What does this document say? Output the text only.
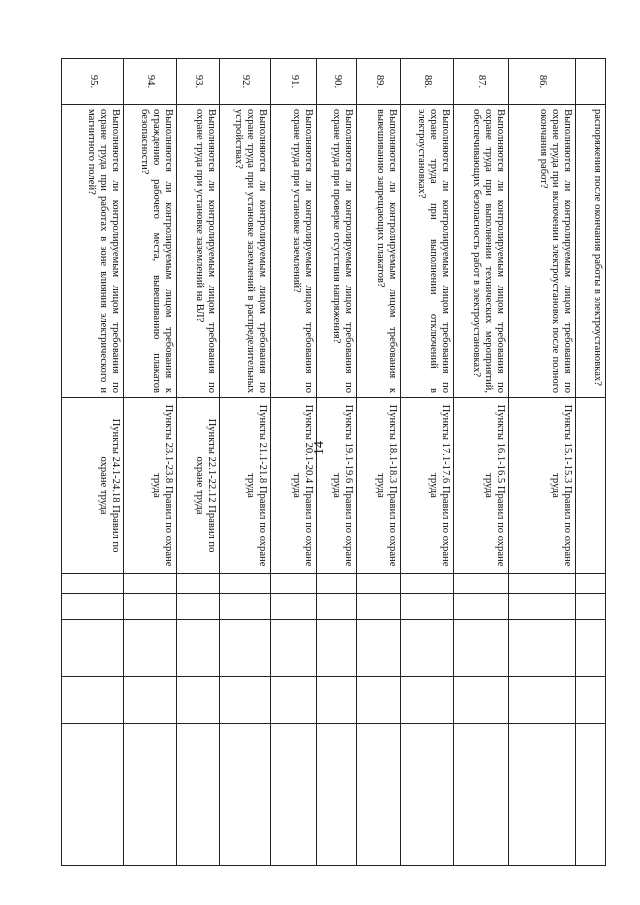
14
	распоряжения после окончания работы в электроустановках?						
86.	Выполняются ли контролируемым лицом требования по охране труда при включении электроустановок после полного окончания работ?	Пункты 15.1-15.3 Правил по охране труда					
87.	Выполняются ли контролируемым лицом требования по охране труда при выполнении технических мероприятий, обеспечивающих безопасность работ в электроустановках?	Пункты 16.1-16.5 Правил по охране труда					
88.	Выполняются ли контролируемым лицом требования по охране труда при выполнении отключений в электроустановках?	Пункты 17.1-17.6 Правил по охране труда					
89.	Выполняются ли контролируемым лицом требования к вывешиванию запрещающих плакатов?	Пункты 18.1-18.3 Правил по охране труда					
90.	Выполняются ли контролируемым лицом требования по охране труда при проверке отсутствия напряжения?	Пункты 19.1-19.6 Правил по охране труда					
91.	Выполняются ли контролируемым лицом требования по охране труда при установке заземлений?	Пункты 20.1-20.4 Правил по охране труда					
92.	Выполняются ли контролируемым лицом требования по охране труда при установке заземлений в распределительных устройствах?	Пункты 21.1-21.8 Правил по охране труда					
93.	Выполняются ли контролируемым лицом требования по охране труда при установке заземлений на ВЛ?	Пункты 22.1-22.12 Правил по охране труда					
94.	Выполняются ли контролируемым лицом требования к ограждению рабочего места, вывешиванию плакатов безопасности?	Пункты 23.1-23.8 Правил по охране труда					
95.	Выполняются ли контролируемым лицом требования по охране труда при работах в зоне влияния электрического и магнитного полей?	Пункты 24.1-24.18 Правил по охране труда					
